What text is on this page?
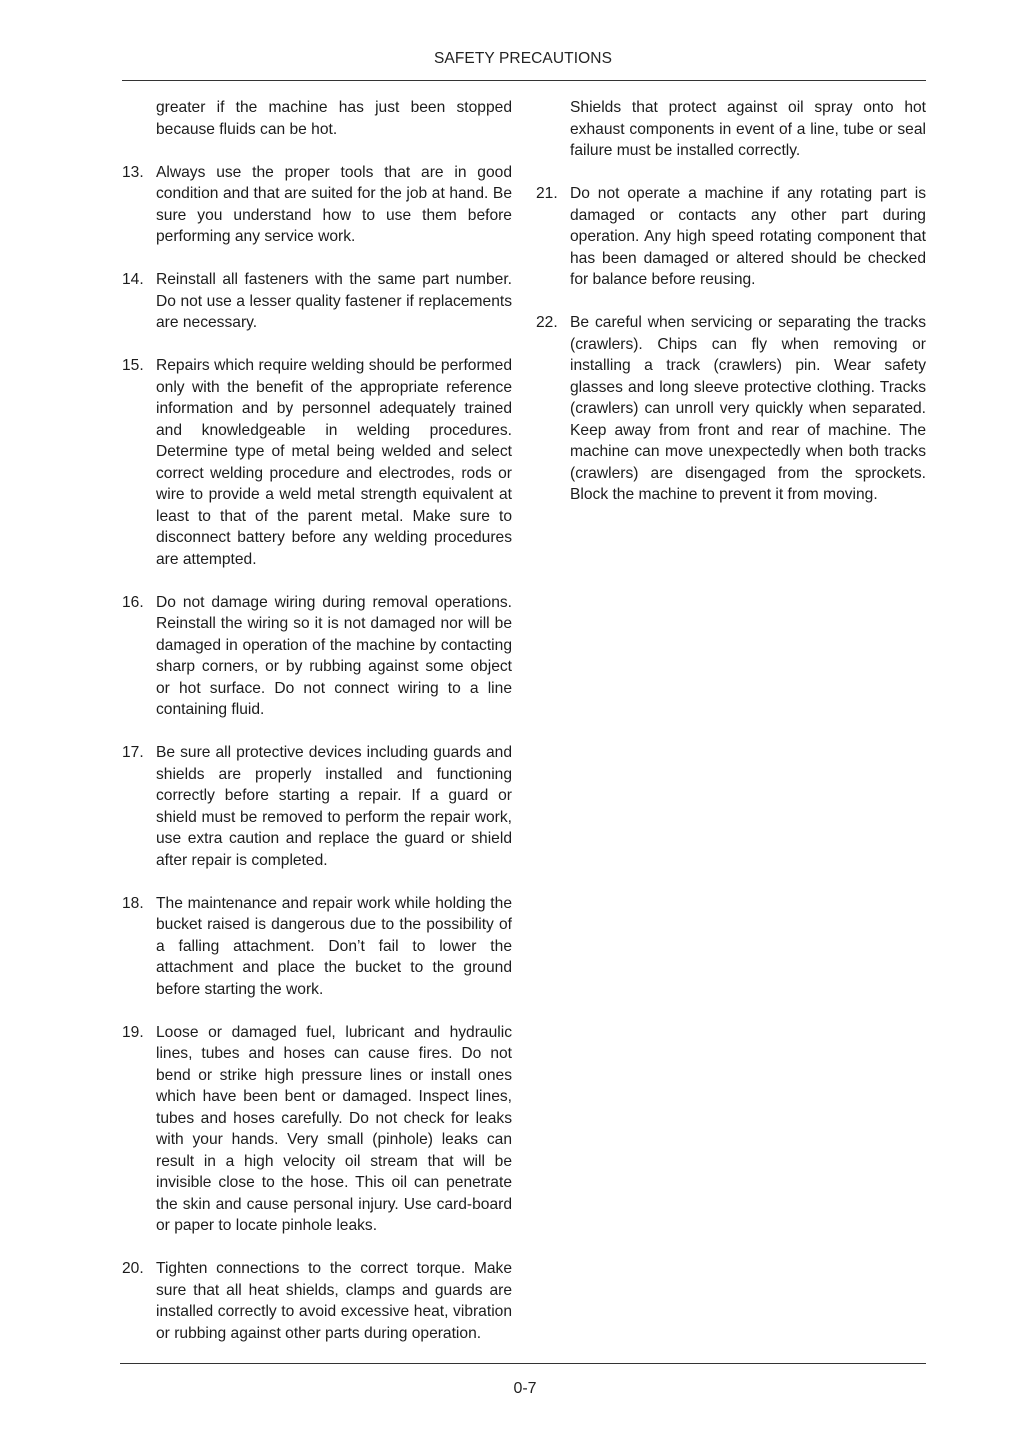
SAFETY PRECAUTIONS

greater if the machine has just been stopped because fluids can be hot.

13. Always use the proper tools that are in good condition and that are suited for the job at hand. Be sure you understand how to use them before performing any service work.

14. Reinstall all fasteners with the same part number. Do not use a lesser quality fastener if replacements are necessary.

15. Repairs which require welding should be performed only with the benefit of the appropriate reference information and by personnel adequately trained and knowledgeable in welding procedures. Determine type of metal being welded and select correct welding procedure and electrodes, rods or wire to provide a weld metal strength equivalent at least to that of the parent metal. Make sure to disconnect battery before any welding procedures are attempted.

16. Do not damage wiring during removal operations. Reinstall the wiring so it is not damaged nor will be damaged in operation of the machine by contacting sharp corners, or by rubbing against some object or hot surface. Do not connect wiring to a line containing fluid.

17. Be sure all protective devices including guards and shields are properly installed and functioning correctly before starting a repair. If a guard or shield must be removed to perform the repair work, use extra caution and replace the guard or shield after repair is completed.

18. The maintenance and repair work while holding the bucket raised is dangerous due to the possibility of a falling attachment. Don’t fail to lower the attachment and place the bucket to the ground before starting the work.

19. Loose or damaged fuel, lubricant and hydraulic lines, tubes and hoses can cause fires. Do not bend or strike high pressure lines or install ones which have been bent or damaged. Inspect lines, tubes and hoses carefully. Do not check for leaks with your hands. Very small (pinhole) leaks can result in a high velocity oil stream that will be invisible close to the hose. This oil can penetrate the skin and cause personal injury. Use card-board or paper to locate pinhole leaks.

20. Tighten connections to the correct torque. Make sure that all heat shields, clamps and guards are installed correctly to avoid excessive heat, vibration or rubbing against other parts during operation.

Shields that protect against oil spray onto hot exhaust components in event of a line, tube or seal failure must be installed correctly.

21. Do not operate a machine if any rotating part is damaged or contacts any other part during operation. Any high speed rotating component that has been damaged or altered should be checked for balance before reusing.

22. Be careful when servicing or separating the tracks (crawlers). Chips can fly when removing or installing a track (crawlers) pin. Wear safety glasses and long sleeve protective clothing. Tracks (crawlers) can unroll very quickly when separated. Keep away from front and rear of machine. The machine can move unexpectedly when both tracks (crawlers) are disengaged from the sprockets. Block the machine to prevent it from moving.

0-7
